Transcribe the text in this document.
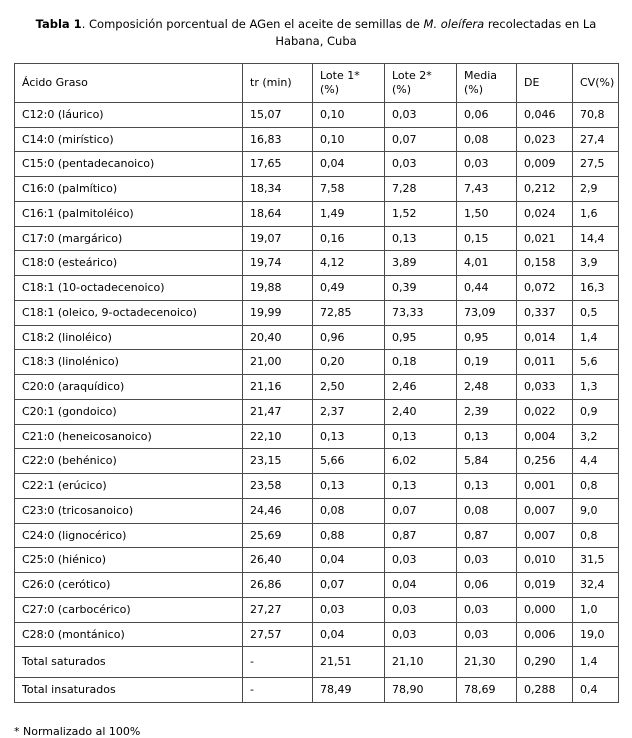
Tabla 1. Composición porcentual de AGen el aceite de semillas de M. oleífera recolectadas en La Habana, Cuba
Ácido Graso	tr (min)	Lote 1* (%)	Lote 2* (%)	Media (%)	DE	CV(%)

C12:0 (láurico)	15,07	0,10	0,03	0,06	0,046	70,8

C14:0 (mirístico)	16,83	0,10	0,07	0,08	0,023	27,4

C15:0 (pentadecanoico)	17,65	0,04	0,03	0,03	0,009	27,5

C16:0 (palmítico)	18,34	7,58	7,28	7,43	0,212	2,9

C16:1 (palmitoléico)	18,64	1,49	1,52	1,50	0,024	1,6

C17:0 (margárico)	19,07	0,16	0,13	0,15	0,021	14,4

C18:0 (esteárico)	19,74	4,12	3,89	4,01	0,158	3,9

C18:1 (10-octadecenoico)	19,88	0,49	0,39	0,44	0,072	16,3

C18:1 (oleico, 9-octadecenoico)	19,99	72,85	73,33	73,09	0,337	0,5

C18:2 (linoléico)	20,40	0,96	0,95	0,95	0,014	1,4

C18:3 (linolénico)	21,00	0,20	0,18	0,19	0,011	5,6

C20:0 (araquídico)	21,16	2,50	2,46	2,48	0,033	1,3

C20:1 (gondoico)	21,47	2,37	2,40	2,39	0,022	0,9

C21:0 (heneicosanoico)	22,10	0,13	0,13	0,13	0,004	3,2

C22:0 (behénico)	23,15	5,66	6,02	5,84	0,256	4,4

C22:1 (erúcico)	23,58	0,13	0,13	0,13	0,001	0,8

C23:0 (tricosanoico)	24,46	0,08	0,07	0,08	0,007	9,0

C24:0 (lignocérico)	25,69	0,88	0,87	0,87	0,007	0,8

C25:0 (hiénico)	26,40	0,04	0,03	0,03	0,010	31,5

C26:0 (cerótico)	26,86	0,07	0,04	0,06	0,019	32,4

C27:0 (carbocérico)	27,27	0,03	0,03	0,03	0,000	1,0

C28:0 (montánico)	27,57	0,04	0,03	0,03	0,006	19,0

Total saturados	-	21,51	21,10	21,30	0,290	1,4

Total insaturados	-	78,49	78,90	78,69	0,288	0,4
* Normalizado al 100%
